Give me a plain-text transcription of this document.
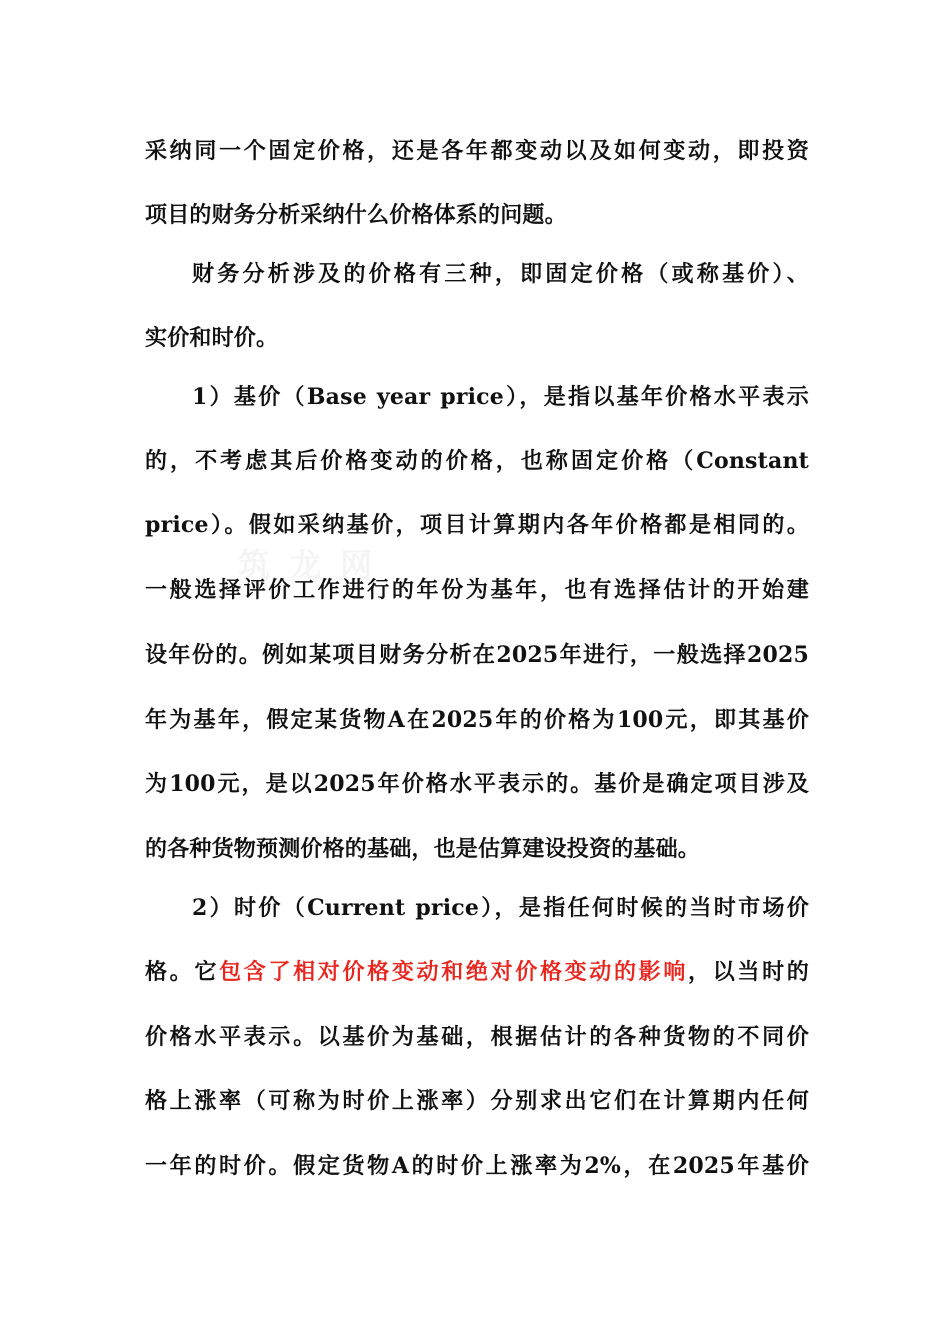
筑 龙 网
采纳同一个固定价格，还是各年都变动以及如何变动，即投资
项目的财务分析采纳什么价格体系的问题。
财务分析涉及的价格有三种，即固定价格（或称基价）、
实价和时价。
1）基价（Base year price），是指以基年价格水平表示
的，不考虑其后价格变动的价格，也称固定价格（Constant
price）。假如采纳基价，项目计算期内各年价格都是相同的。
一般选择评价工作进行的年份为基年，也有选择估计的开始建
设年份的。例如某项目财务分析在2025年进行，一般选择2025
年为基年，假定某货物A在2025年的价格为100元，即其基价
为100元，是以2025年价格水平表示的。基价是确定项目涉及
的各种货物预测价格的基础，也是估算建设投资的基础。
2）时价（Current price），是指任何时候的当时市场价
格。它包含了相对价格变动和绝对价格变动的影响，以当时的
价格水平表示。以基价为基础，根据估计的各种货物的不同价
格上涨率（可称为时价上涨率）分别求出它们在计算期内任何
一年的时价。假定货物A的时价上涨率为2%，在2025年基价
